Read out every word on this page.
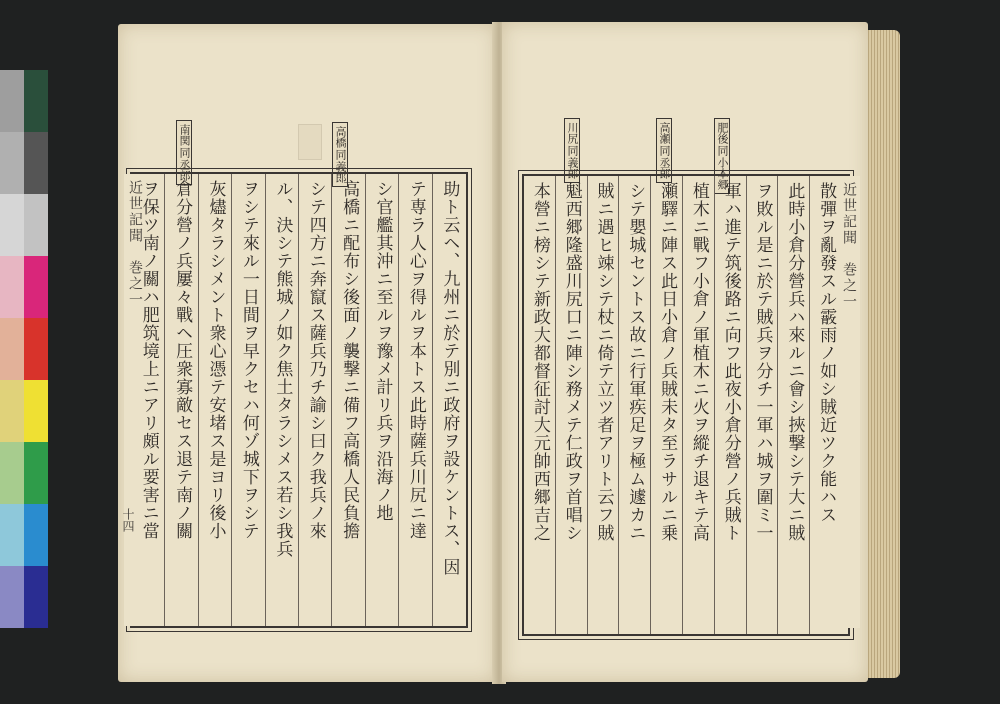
高橋
同
義郎
南関
同
丞郎
近世記聞　巻之一	助ト云ヘ、九州ニ於テ別ニ政府ヲ設ケントス、因
テ専ラ人心ヲ得ルヲ本トス此時薩兵川尻ニ達
シ官艦其沖ニ至ルヲ豫メ計リ兵ヲ沿海ノ地
高橋ニ配布シ後面ノ襲撃ニ備フ高橋人民負擔
シテ四方ニ奔竄ス薩兵乃チ諭シ曰ク我兵ノ來
ル、決シテ熊城ノ如ク焦土タラシメス若シ我兵
ヲシテ來ル一日間ヲ早クセハ何ゾ城下ヲシテ
灰燼タラシメント衆心憑テ安堵ス是ヨリ後小
倉分營ノ兵屢々戰ヘ圧衆寡敵セス退テ南ノ關
ヲ保ツ南ノ關ハ肥筑境上ニアリ頗ル要害ニ當
十四
肥後
同
小本郷
高瀬
同
丞郎
川尻
同
義郎
近世記聞　巻之一
散彈ヲ亂發スル霰雨ノ如シ賊近ツク能ハス
此時小倉分營兵ハ來ルニ會シ挾撃シテ大ニ賊
ヲ敗ル是ニ於テ賊兵ヲ分チ一軍ハ城ヲ圍ミ一
軍ハ進テ筑後路ニ向フ此夜小倉分營ノ兵賊ト
植木ニ戰フ小倉ノ軍植木ニ火ヲ縱チ退キテ高
瀬驛ニ陣ス此日小倉ノ兵賊未タ至ラサルニ乗
シテ嬰城セントス故ニ行軍疾足ヲ極ム遽カニ
賊ニ遇ヒ竦シテ杖ニ倚テ立ツ者アリト云フ賊
魁西郷隆盛川尻口ニ陣シ務メテ仁政ヲ首唱シ
本營ニ榜シテ新政大都督征討大元帥西郷吉之
